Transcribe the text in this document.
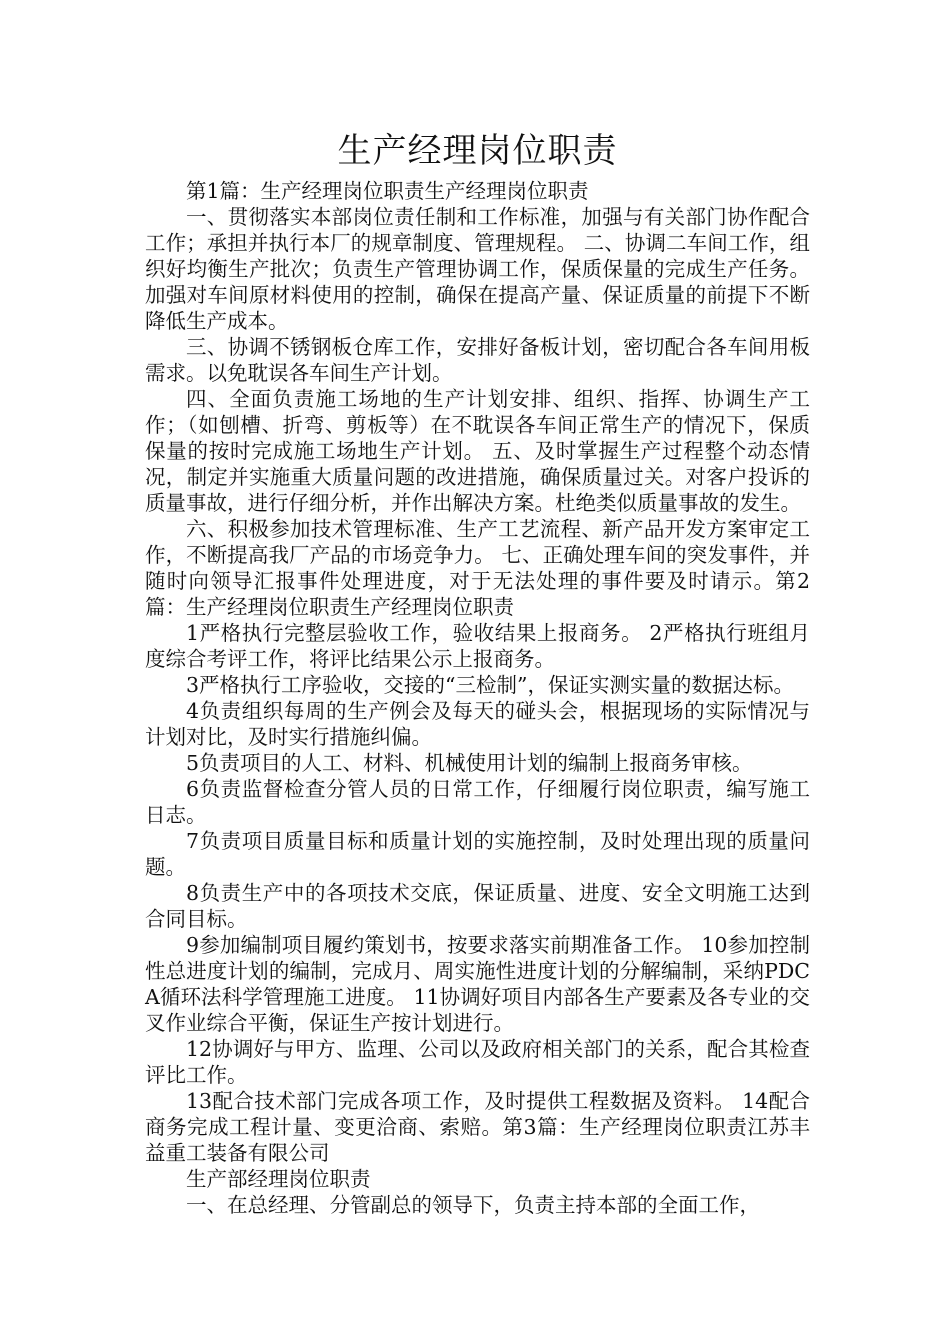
生产经理岗位职责

第1篇：生产经理岗位职责生产经理岗位职责

一、贯彻落实本部岗位责任制和工作标准，加强与有关部门协作配合工作；承担并执行本厂的规章制度、管理规程。 二、协调二车间工作，组织好均衡生产批次；负责生产管理协调工作，保质保量的完成生产任务。加强对车间原材料使用的控制，确保在提高产量、保证质量的前提下不断降低生产成本。

三、协调不锈钢板仓库工作，安排好备板计划，密切配合各车间用板需求。以免耽误各车间生产计划。

四、全面负责施工场地的生产计划安排、组织、指挥、协调生产工作；（如刨槽、折弯、剪板等）在不耽误各车间正常生产的情况下，保质保量的按时完成施工场地生产计划。 五、及时掌握生产过程整个动态情况，制定并实施重大质量问题的改进措施，确保质量过关。对客户投诉的质量事故，进行仔细分析，并作出解决方案。杜绝类似质量事故的发生。

六、积极参加技术管理标准、生产工艺流程、新产品开发方案审定工作，不断提高我厂产品的市场竞争力。 七、正确处理车间的突发事件，并随时向领导汇报事件处理进度，对于无法处理的事件要及时请示。第2篇：生产经理岗位职责生产经理岗位职责

1严格执行完整层验收工作，验收结果上报商务。 2严格执行班组月度综合考评工作，将评比结果公示上报商务。

3严格执行工序验收，交接的“三检制”，保证实测实量的数据达标。

4负责组织每周的生产例会及每天的碰头会，根据现场的实际情况与计划对比，及时实行措施纠偏。

5负责项目的人工、材料、机械使用计划的编制上报商务审核。

6负责监督检查分管人员的日常工作，仔细履行岗位职责，编写施工日志。

7负责项目质量目标和质量计划的实施控制，及时处理出现的质量问题。

8负责生产中的各项技术交底，保证质量、进度、安全文明施工达到合同目标。

9参加编制项目履约策划书，按要求落实前期准备工作。 10参加控制性总进度计划的编制，完成月、周实施性进度计划的分解编制，采纳PDCA循环法科学管理施工进度。 11协调好项目内部各生产要素及各专业的交叉作业综合平衡，保证生产按计划进行。

12协调好与甲方、监理、公司以及政府相关部门的关系，配合其检查评比工作。

13配合技术部门完成各项工作，及时提供工程数据及资料。 14配合商务完成工程计量、变更洽商、索赔。第3篇：生产经理岗位职责江苏丰益重工装备有限公司

生产部经理岗位职责

一、在总经理、分管副总的领导下，负责主持本部的全面工作，
